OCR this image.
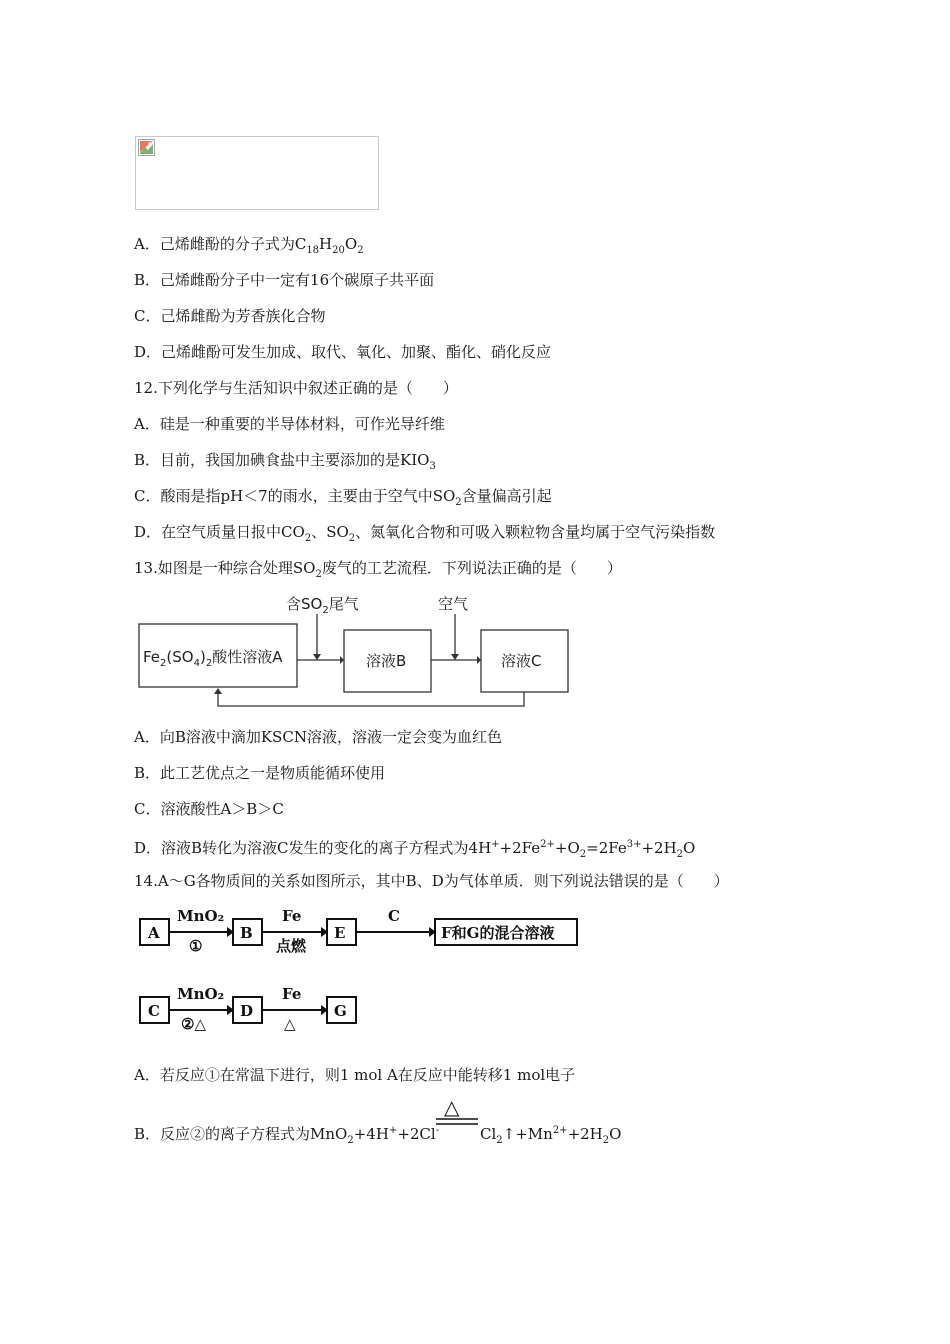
A．己烯雌酚的分子式为$C_{18}H_{20}O_2$
B．己烯雌酚分子中一定有16个碳原子共平面
C．己烯雌酚为芳香族化合物
D．己烯雌酚可发生加成、取代、氧化、加聚、酯化、硝化反应
12.下列化学与生活知识中叙述正确的是（　　）
A．硅是一种重要的半导体材料，可作光导纤维
B．目前，我国加碘食盐中主要添加的是$KIO_3$
C．酸雨是指pH＜7的雨水，主要由于空气中$SO_2$含量偏高引起
D．在空气质量日报中$CO_2$、$SO_2$、氮氧化合物和可吸入颗粒物含量均属于空气污染指数
13.如图是一种综合处理$SO_2$废气的工艺流程．下列说法正确的是（　　）
含$SO_2$尾气	空气
$Fe_2(SO_4)_2$酸性溶液A	溶液B	溶液C
A．向B溶液中滴加KSCN溶液，溶液一定会变为血红色
B．此工艺优点之一是物质能循环使用
C．溶液酸性A＞B＞C
D．溶液B转化为溶液C发生的变化的离子方程式为$4H^++2Fe^{2+}+O_2=2Fe^{3+}+2H_2O$
14.A～G各物质间的关系如图所示，其中B、D为气体单质．则下列说法错误的是（　　）
A	B	E	F和G的混合溶液
MnO₂
①
Fe
点燃
C
C	D	G
MnO₂
②△
Fe
△
A．若反应①在常温下进行，则1 mol A在反应中能转移1 mol电子
B．反应②的离子方程式为MnO$_2$+4H++2Cl-
△
$Cl_2↑+Mn^{2+}+2H_2O$
